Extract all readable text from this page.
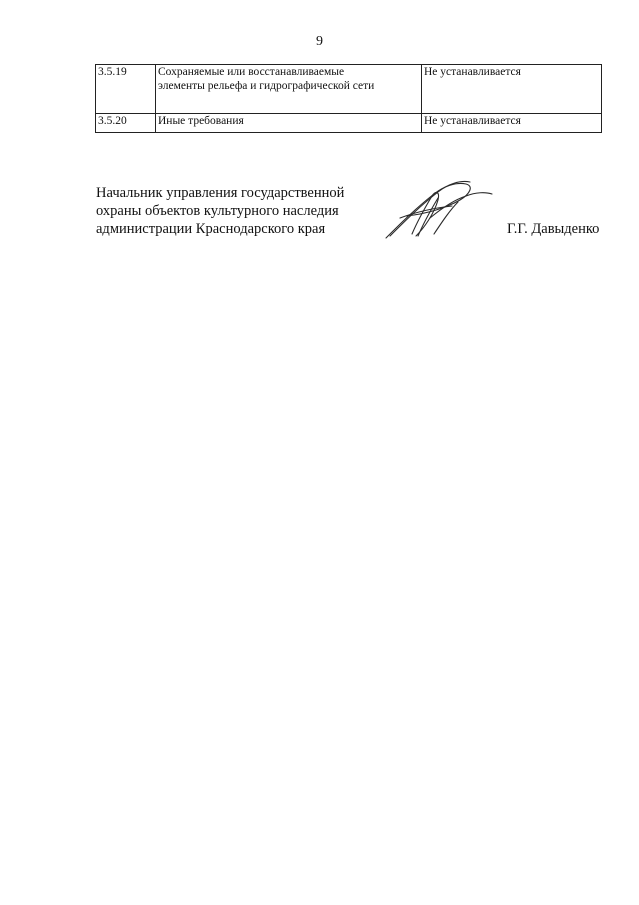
9
3.5.19	Сохраняемые или восстанавливаемые
элементы рельефа и гидрографической сети	Не устанавливается
3.5.20	Иные требования	Не устанавливается
Начальник управления государственной
охраны объектов культурного наследия
администрации Краснодарского края	Г.Г. Давыденко
